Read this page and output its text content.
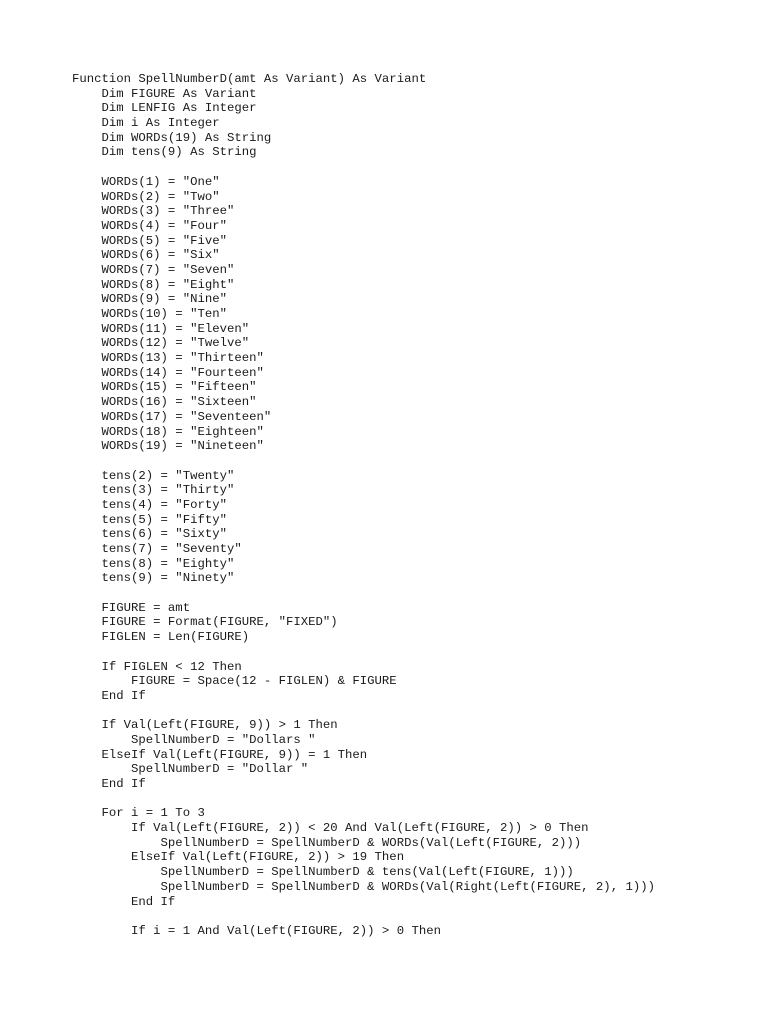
Function SpellNumberD(amt As Variant) As Variant
Dim FIGURE As Variant
Dim LENFIG As Integer
Dim i As Integer
Dim WORDs(19) As String
Dim tens(9) As String
WORDs(1) = "One"
WORDs(2) = "Two"
WORDs(3) = "Three"
WORDs(4) = "Four"
WORDs(5) = "Five"
WORDs(6) = "Six"
WORDs(7) = "Seven"
WORDs(8) = "Eight"
WORDs(9) = "Nine"
WORDs(10) = "Ten"
WORDs(11) = "Eleven"
WORDs(12) = "Twelve"
WORDs(13) = "Thirteen"
WORDs(14) = "Fourteen"
WORDs(15) = "Fifteen"
WORDs(16) = "Sixteen"
WORDs(17) = "Seventeen"
WORDs(18) = "Eighteen"
WORDs(19) = "Nineteen"
tens(2) = "Twenty"
tens(3) = "Thirty"
tens(4) = "Forty"
tens(5) = "Fifty"
tens(6) = "Sixty"
tens(7) = "Seventy"
tens(8) = "Eighty"
tens(9) = "Ninety"
FIGURE = amt
FIGURE = Format(FIGURE, "FIXED")
FIGLEN = Len(FIGURE)
If FIGLEN < 12 Then
FIGURE = Space(12 - FIGLEN) & FIGURE
End If
If Val(Left(FIGURE, 9)) > 1 Then
SpellNumberD = "Dollars "
ElseIf Val(Left(FIGURE, 9)) = 1 Then
SpellNumberD = "Dollar "
End If
For i = 1 To 3
If Val(Left(FIGURE, 2)) < 20 And Val(Left(FIGURE, 2)) > 0 Then
SpellNumberD = SpellNumberD & WORDs(Val(Left(FIGURE, 2)))
ElseIf Val(Left(FIGURE, 2)) > 19 Then
SpellNumberD = SpellNumberD & tens(Val(Left(FIGURE, 1)))
SpellNumberD = SpellNumberD & WORDs(Val(Right(Left(FIGURE, 2), 1)))
End If
If i = 1 And Val(Left(FIGURE, 2)) > 0 Then
